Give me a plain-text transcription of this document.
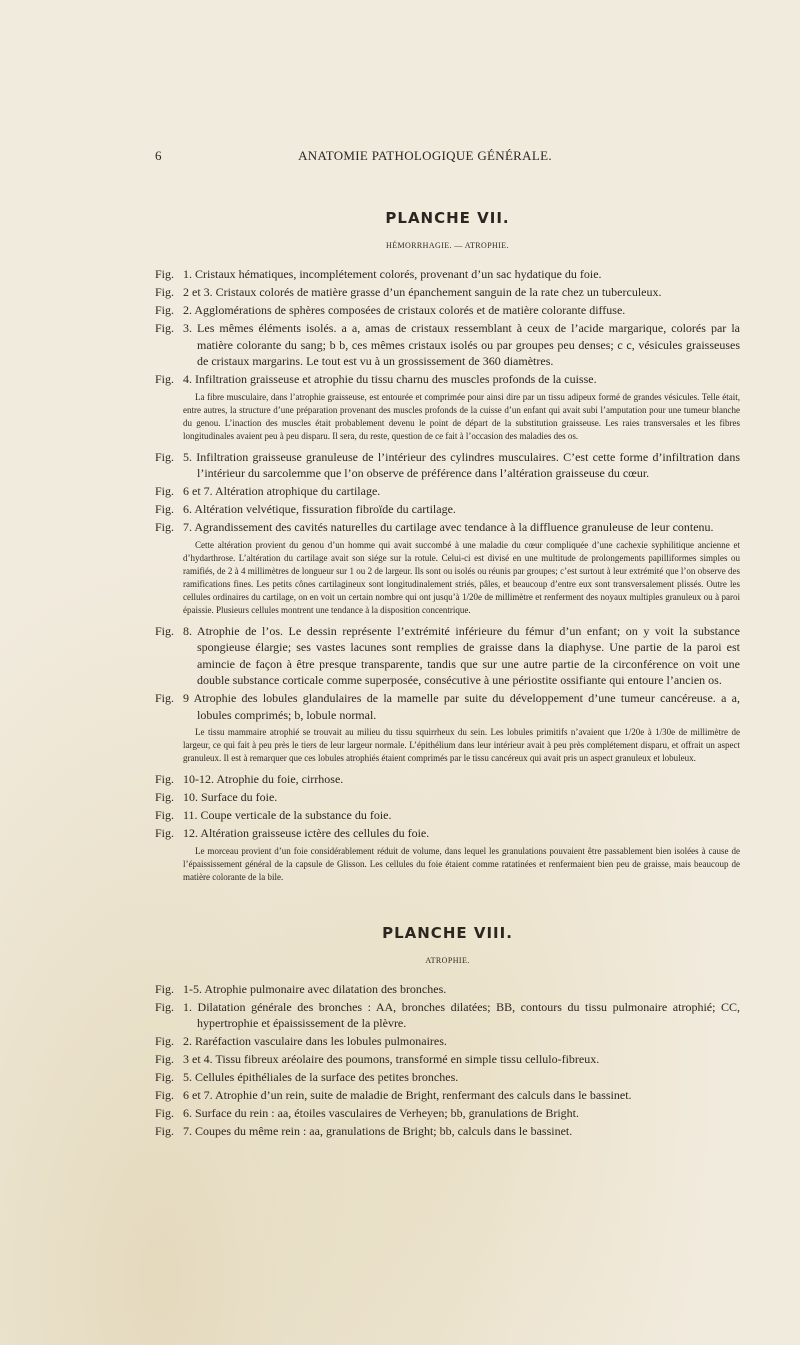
6	ANATOMIE PATHOLOGIQUE GÉNÉRALE.
PLANCHE VII.
HÉMORRHAGIE. — ATROPHIE.

Fig. 1. Cristaux hématiques, incomplétement colorés, provenant d’un sac hydatique du foie.

Fig. 2 et 3. Cristaux colorés de matière grasse d’un épanchement sanguin de la rate chez un tuberculeux.

Fig. 2. Agglomérations de sphères composées de cristaux colorés et de matière colorante diffuse.

Fig. 3. Les mêmes éléments isolés. a a, amas de cristaux ressemblant à ceux de l’acide margarique, colorés par la matière colorante du sang; b b, ces mêmes cristaux isolés ou par groupes peu denses; c c, vésicules graisseuses de cristaux margarins. Le tout est vu à un grossissement de 360 diamètres.

Fig. 4. Infiltration graisseuse et atrophie du tissu charnu des muscles profonds de la cuisse.

La fibre musculaire, dans l’atrophie graisseuse, est entourée et comprimée pour ainsi dire par un tissu adipeux formé de grandes vésicules. Telle était, entre autres, la structure d’une préparation provenant des muscles profonds de la cuisse d’un enfant qui avait subi l’amputation pour une tumeur blanche du genou. L’inaction des muscles était probablement devenu le point de départ de la substitution graisseuse. Les raies transversales et les fibres longitudinales avaient peu à peu disparu. Il sera, du reste, question de ce fait à l’occasion des maladies des os.

Fig. 5. Infiltration graisseuse granuleuse de l’intérieur des cylindres musculaires. C’est cette forme d’infiltration dans l’intérieur du sarcolemme que l’on observe de préférence dans l’altération graisseuse du cœur.

Fig. 6 et 7. Altération atrophique du cartilage.

Fig. 6. Altération velvétique, fissuration fibroïde du cartilage.

Fig. 7. Agrandissement des cavités naturelles du cartilage avec tendance à la diffluence granuleuse de leur contenu.

Cette altération provient du genou d’un homme qui avait succombé à une maladie du cœur compliquée d’une cachexie syphilitique ancienne et d’hydarthrose. L’altération du cartilage avait son siége sur la rotule. Celui-ci est divisé en une multitude de prolongements papilliformes simples ou ramifiés, de 2 à 4 millimètres de longueur sur 1 ou 2 de largeur. Ils sont ou isolés ou réunis par groupes; c’est surtout à leur extrémité que l’on observe des ramifications fines. Les petits cônes cartilagineux sont longitudinalement striés, pâles, et beaucoup d’entre eux sont transversalement plissés. Outre les cellules ordinaires du cartilage, on en voit un certain nombre qui ont jusqu’à 1/20e de millimètre et renferment des noyaux multiples granuleux ou à paroi épaissie. Plusieurs cellules montrent une tendance à la disposition concentrique.

Fig. 8. Atrophie de l’os. Le dessin représente l’extrémité inférieure du fémur d’un enfant; on y voit la substance spongieuse élargie; ses vastes lacunes sont remplies de graisse dans la diaphyse. Une partie de la paroi est amincie de façon à être presque transparente, tandis que sur une autre partie de la circonférence on voit une double substance corticale comme superposée, consécutive à une périostite ossifiante qui entoure l’ancien os.

Fig. 9 Atrophie des lobules glandulaires de la mamelle par suite du développement d’une tumeur cancéreuse. a a, lobules comprimés; b, lobule normal.

Le tissu mammaire atrophié se trouvait au milieu du tissu squirrheux du sein. Les lobules primitifs n’avaient que 1/20e à 1/30e de millimètre de largeur, ce qui fait à peu près le tiers de leur largeur normale. L’épithélium dans leur intérieur avait à peu près complétement disparu, et offrait un aspect granuleux. Il est à remarquer que ces lobules atrophiés étaient comprimés par le tissu cancéreux qui avait pris un aspect granuleux et lobuleux.

Fig. 10-12. Atrophie du foie, cirrhose.

Fig. 10. Surface du foie.

Fig. 11. Coupe verticale de la substance du foie.

Fig. 12. Altération graisseuse ictère des cellules du foie.

Le morceau provient d’un foie considérablement réduit de volume, dans lequel les granulations pouvaient être passablement bien isolées à cause de l’épaississement général de la capsule de Glisson. Les cellules du foie étaient comme ratatinées et renfermaient bien peu de graisse, mais beaucoup de matière colorante de la bile.

PLANCHE VIII.
ATROPHIE.

Fig. 1-5. Atrophie pulmonaire avec dilatation des bronches.

Fig. 1. Dilatation générale des bronches : AA, bronches dilatées; BB, contours du tissu pulmonaire atrophié; CC, hypertrophie et épaississement de la plèvre.

Fig. 2. Raréfaction vasculaire dans les lobules pulmonaires.

Fig. 3 et 4. Tissu fibreux aréolaire des poumons, transformé en simple tissu cellulo-fibreux.

Fig. 5. Cellules épithéliales de la surface des petites bronches.

Fig. 6 et 7. Atrophie d’un rein, suite de maladie de Bright, renfermant des calculs dans le bassinet.

Fig. 6. Surface du rein : aa, étoiles vasculaires de Verheyen; bb, granulations de Bright.

Fig. 7. Coupes du même rein : aa, granulations de Bright; bb, calculs dans le bassinet.
